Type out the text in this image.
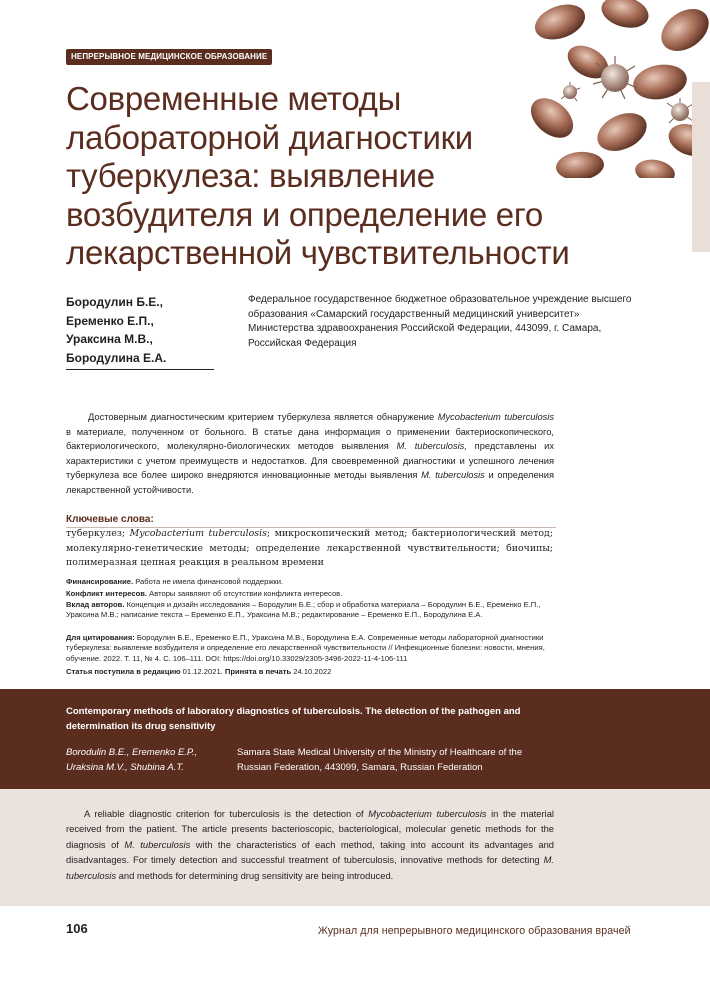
НЕПРЕРЫВНОЕ МЕДИЦИНСКОЕ ОБРАЗОВАНИЕ
Современные методы
лабораторной диагностики
туберкулеза: выявление
возбудителя и определение его
лекарственной чувствительности
Бородулин Б.Е.,
Еременко Е.П.,
Ураксина М.В.,
Бородулина Е.А.
Федеральное государственное бюджетное образовательное учреждение высшего образования «Самарский государственный медицинский университет» Министерства здравоохранения Российской Федерации, 443099, г. Самара, Российская Федерация

Достоверным диагностическим критерием туберкулеза является обнаружение Mycobacterium tuberculosis в материале, полученном от больного. В статье дана информация о применении бактериоскопического, бактериологического, молекулярно-биологических методов выявления M. tuberculosis, представлены их характеристики с учетом преимуществ и недостатков. Для своевременной диагностики и успешного лечения туберкулеза все более широко внедряются инновационные методы выявления M. tuberculosis и определения лекарственной устойчивости.

Ключевые слова:
туберкулез; Mycobacterium tuberculosis; микроскопический метод; бактериологический метод; молекулярно-генетические методы; определение лекарственной чувствительности; биочипы; полимеразная цепная реакция в реальном времени
Финансирование. Работа не имела финансовой поддержки.
Конфликт интересов. Авторы заявляют об отсутствии конфликта интересов.
Вклад авторов. Концепция и дизайн исследования – Бородулин Б.Е.; сбор и обработка материала – Бородулин Б.Е., Еременко Е.П., Ураксина М.В.; написание текста – Еременко Е.П., Ураксина М.В.; редактирование – Еременко Е.П., Бородулина Е.А.
Для цитирования: Бородулин Б.Е., Еременко Е.П., Ураксина М.В., Бородулина Е.А. Современные методы лабораторной диагностики туберкулеза: выявление возбудителя и определение его лекарственной чувствительности // Инфекционные болезни: новости, мнения, обучение. 2022. Т. 11, № 4. С. 106–111. DOI: https://doi.org/10.33029/2305-3496-2022-11-4-106-111
Статья поступила в редакцию 01.12.2021. Принята в печать 24.10.2022
Contemporary methods of laboratory diagnostics of tuberculosis. The detection of the pathogen and determination its drug sensitivity
Borodulin B.E., Eremenko E.P.,
Uraksina M.V., Shubina A.T.
Samara State Medical University of the Ministry of Healthcare of the Russian Federation, 443099, Samara, Russian Federation

A reliable diagnostic criterion for tuberculosis is the detection of Mycobacterium tuberculosis in the material received from the patient. The article presents bacterioscopic, bacteriological, molecular genetic methods for the diagnosis of M. tuberculosis with the characteristics of each method, taking into account its advantages and disadvantages. For timely detection and successful treatment of tuberculosis, innovative methods for detecting M. tuberculosis and methods for determining drug sensitivity are being introduced.

106	Журнал для непрерывного медицинского образования врачей
